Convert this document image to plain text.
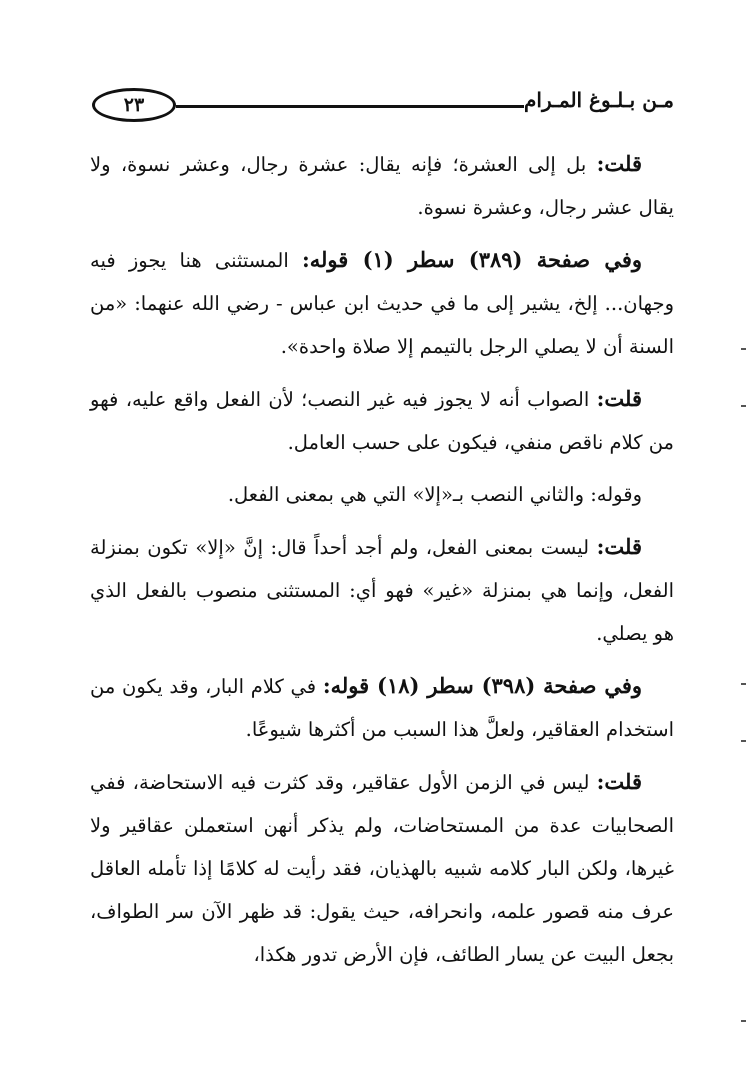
٢٣	مـن بـلـوغ المـرام

قلت: بل إلى العشرة؛ فإنه يقال: عشرة رجال، وعشر نسوة، ولا يقال عشر رجال، وعشرة نسوة.

وفي صفحة (٣٨٩) سطر (١) قوله: المستثنى هنا يجوز فيه وجهان... إلخ، يشير إلى ما في حديث ابن عباس - رضي الله عنهما: «من السنة أن لا يصلي الرجل بالتيمم إلا صلاة واحدة».

قلت: الصواب أنه لا يجوز فيه غير النصب؛ لأن الفعل واقع عليه، فهو من كلام ناقص منفي، فيكون على حسب العامل.

وقوله: والثاني النصب بـ«إلا» التي هي بمعنى الفعل.

قلت: ليست بمعنى الفعل، ولم أجد أحداً قال: إنَّ «إلا» تكون بمنزلة الفعل، وإنما هي بمنزلة «غير» فهو أي: المستثنى منصوب بالفعل الذي هو يصلي.

وفي صفحة (٣٩٨) سطر (١٨) قوله: في كلام البار، وقد يكون من استخدام العقاقير، ولعلَّ هذا السبب من أكثرها شيوعًا.

قلت: ليس في الزمن الأول عقاقير، وقد كثرت فيه الاستحاضة، ففي الصحابيات عدة من المستحاضات، ولم يذكر أنهن استعملن عقاقير ولا غيرها، ولكن البار كلامه شبيه بالهذيان، فقد رأيت له كلامًا إذا تأمله العاقل عرف منه قصور علمه، وانحرافه، حيث يقول: قد ظهر الآن سر الطواف، بجعل البيت عن يسار الطائف، فإن الأرض تدور هكذا،
